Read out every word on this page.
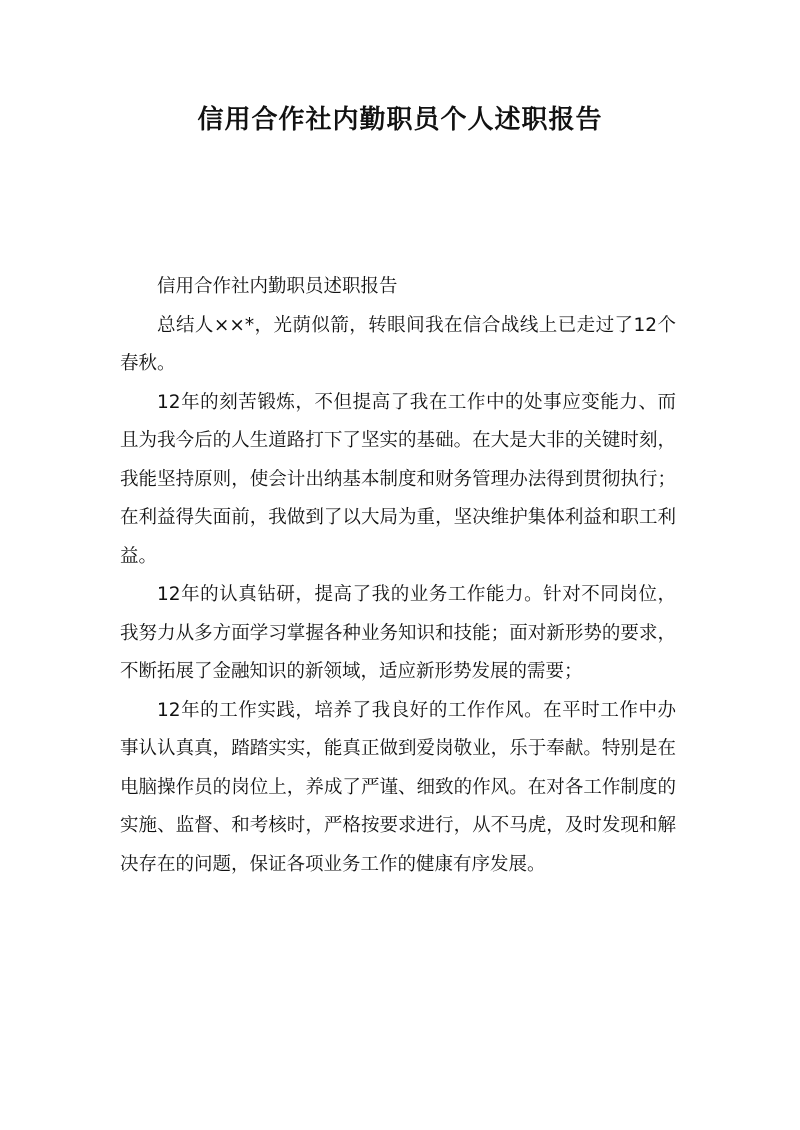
信用合作社内勤职员个人述职报告

信用合作社内勤职员述职报告

总结人××*，光荫似箭，转眼间我在信合战线上已走过了12个春秋。

12年的刻苦锻炼，不但提高了我在工作中的处事应变能力、而且为我今后的人生道路打下了坚实的基础。在大是大非的关键时刻，我能坚持原则，使会计出纳基本制度和财务管理办法得到贯彻执行；在利益得失面前，我做到了以大局为重，坚决维护集体利益和职工利益。

12年的认真钻研，提高了我的业务工作能力。针对不同岗位，我努力从多方面学习掌握各种业务知识和技能；面对新形势的要求，不断拓展了金融知识的新领域，适应新形势发展的需要；

12年的工作实践，培养了我良好的工作作风。在平时工作中办事认认真真，踏踏实实，能真正做到爱岗敬业，乐于奉献。特别是在电脑操作员的岗位上，养成了严谨、细致的作风。在对各工作制度的实施、监督、和考核时，严格按要求进行，从不马虎，及时发现和解决存在的问题，保证各项业务工作的健康有序发展。
